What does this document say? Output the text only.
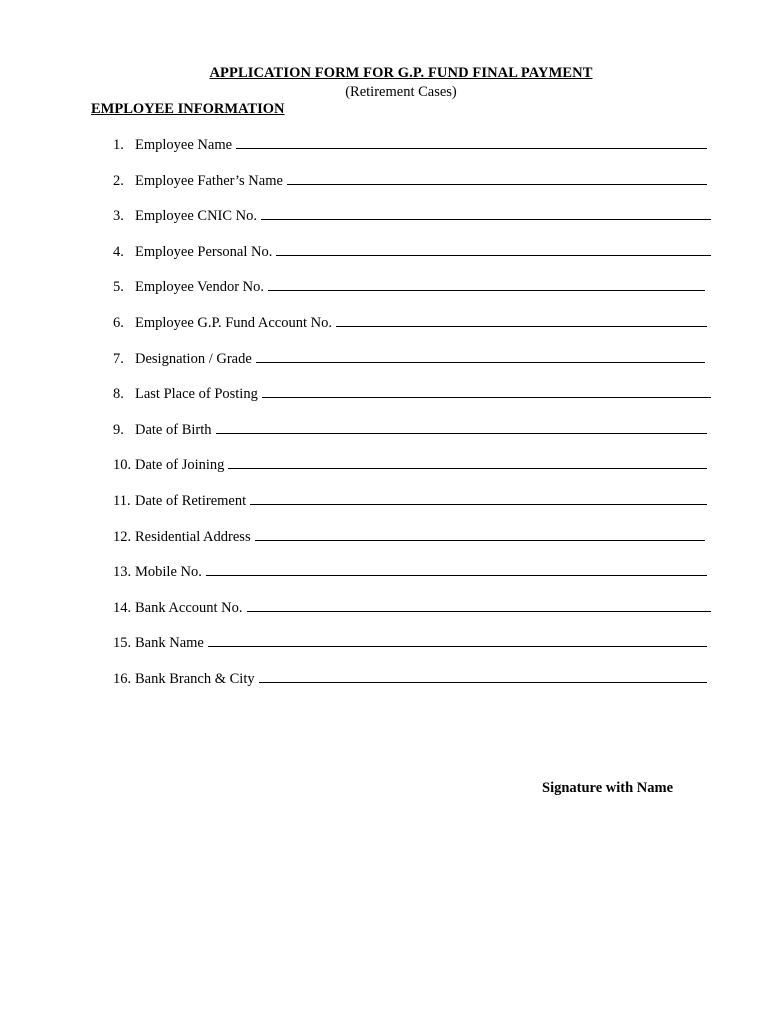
APPLICATION FORM FOR G.P. FUND FINAL PAYMENT
(Retirement Cases)
EMPLOYEE INFORMATION
1. Employee Name
2. Employee Father’s Name
3. Employee CNIC No.
4. Employee Personal No.
5. Employee Vendor No.
6. Employee G.P. Fund Account No.
7. Designation / Grade
8. Last Place of Posting
9. Date of Birth
10. Date of Joining
11. Date of Retirement
12. Residential Address
13. Mobile No.
14. Bank Account No.
15. Bank Name
16. Bank Branch & City
Signature with Name
